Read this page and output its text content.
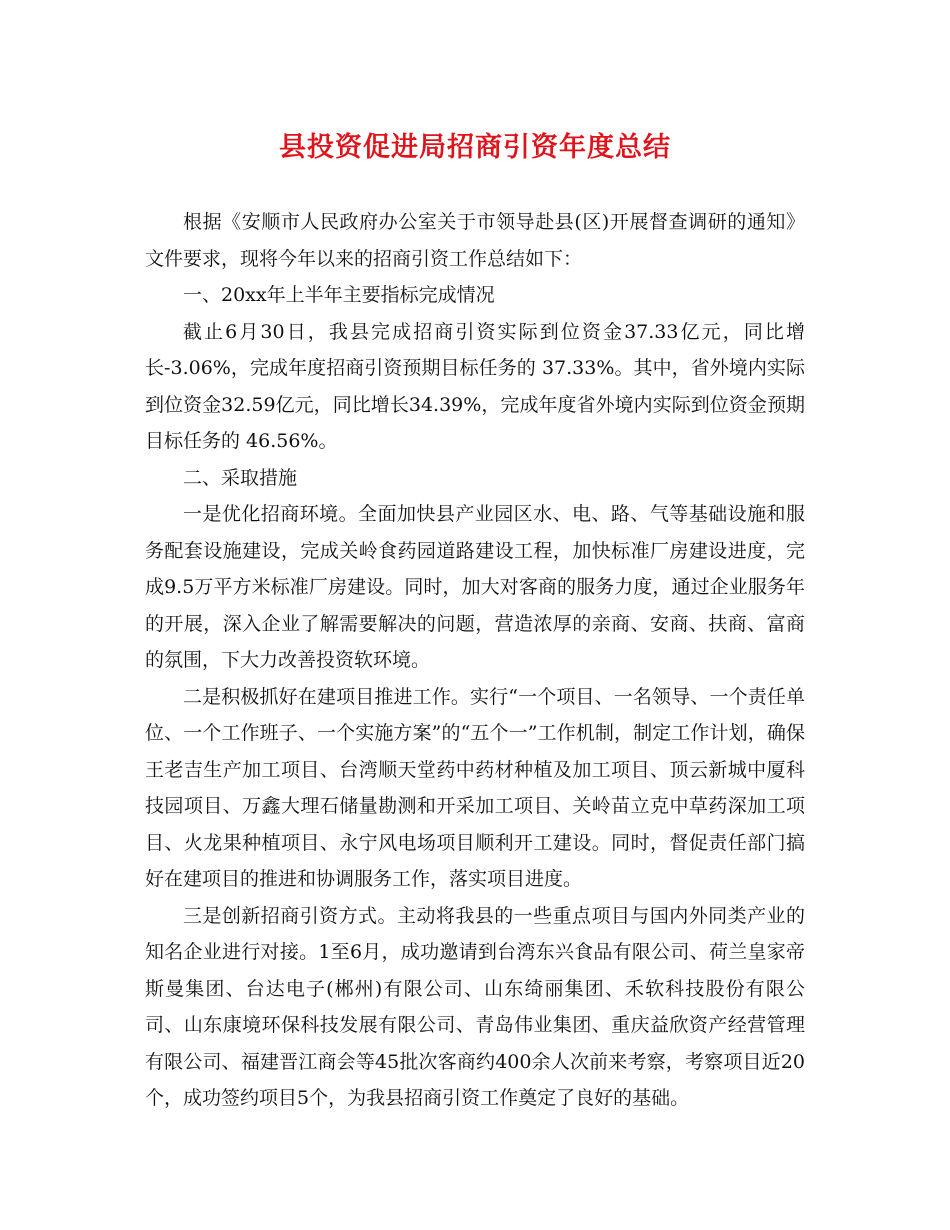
县投资促进局招商引资年度总结

根据《安顺市人民政府办公室关于市领导赴县(区)开展督查调研的通知》文件要求，现将今年以来的招商引资工作总结如下：

一、20xx年上半年主要指标完成情况

截止6月30日，我县完成招商引资实际到位资金37.33亿元，同比增长-3.06%，完成年度招商引资预期目标任务的 37.33%。其中，省外境内实际到位资金32.59亿元，同比增长34.39%，完成年度省外境内实际到位资金预期目标任务的 46.56%。

二、采取措施

一是优化招商环境。全面加快县产业园区水、电、路、气等基础设施和服务配套设施建设，完成关岭食药园道路建设工程，加快标准厂房建设进度，完成9.5万平方米标准厂房建设。同时，加大对客商的服务力度，通过企业服务年的开展，深入企业了解需要解决的问题，营造浓厚的亲商、安商、扶商、富商的氛围，下大力改善投资软环境。

二是积极抓好在建项目推进工作。实行“一个项目、一名领导、一个责任单位、一个工作班子、一个实施方案”的“五个一”工作机制，制定工作计划，确保王老吉生产加工项目、台湾顺天堂药中药材种植及加工项目、顶云新城中厦科技园项目、万鑫大理石储量勘测和开采加工项目、关岭苗立克中草药深加工项目、火龙果种植项目、永宁风电场项目顺利开工建设。同时，督促责任部门搞好在建项目的推进和协调服务工作，落实项目进度。

三是创新招商引资方式。主动将我县的一些重点项目与国内外同类产业的知名企业进行对接。1至6月，成功邀请到台湾东兴食品有限公司、荷兰皇家帝斯曼集团、台达电子(郴州)有限公司、山东绮丽集团、禾软科技股份有限公司、山东康境环保科技发展有限公司、青岛伟业集团、重庆益欣资产经营管理有限公司、福建晋江商会等45批次客商约400余人次前来考察，考察项目近20个，成功签约项目5个，为我县招商引资工作奠定了良好的基础。
